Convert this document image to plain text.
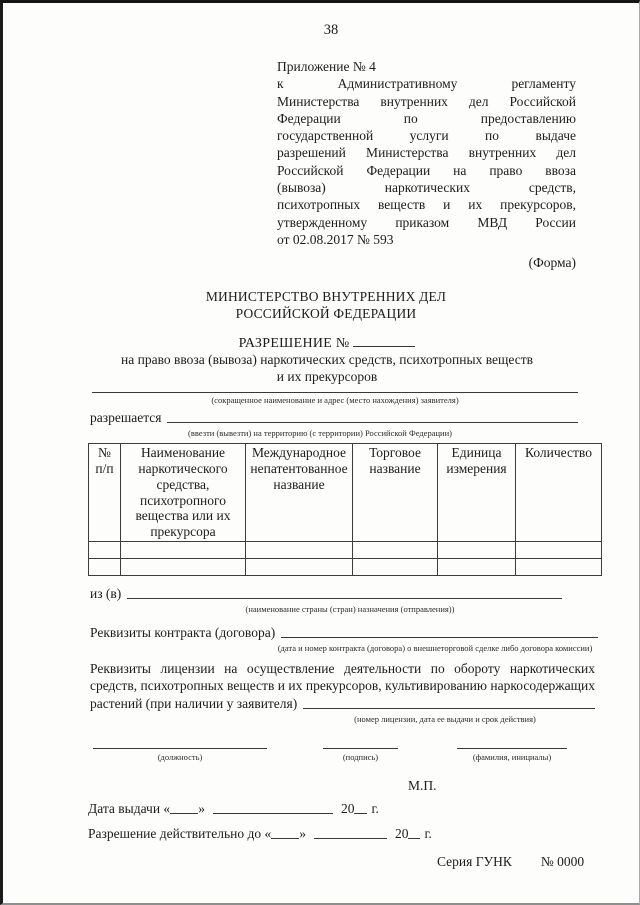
38
Приложение № 4
к Административному регламенту
Министерства внутренних дел Российской
Федерации по предоставлению
государственной услуги по выдаче
разрешений Министерства внутренних дел
Российской Федерации на право ввоза
(вывоза) наркотических средств,
психотропных веществ и их прекурсоров,
утвержденному приказом МВД России
от 02.08.2017 № 593
(Форма)
МИНИСТЕРСТВО ВНУТРЕННИХ ДЕЛ
РОССИЙСКОЙ ФЕДЕРАЦИИ
РАЗРЕШЕНИЕ №
на право ввоза (вывоза) наркотических средств, психотропных веществ
и их прекурсоров
(сокращенное наименование и адрес (место нахождения) заявителя)
разрешается
(ввезти (вывезти) на территорию (с территории) Российской Федерации)
№ п/п	Наименование наркотического средства, психотропного вещества или их прекурсора	Международное непатентованное название	Торговое название	Единица измерения	Количество

из (в)
(наименование страны (стран) назначения (отправления))
Реквизиты контракта (договора)
(дата и номер контракта (договора) о внешнеторговой сделке либо договора комиссии)
Реквизиты лицензии на осуществление деятельности по обороту наркотических
средств, психотропных веществ и их прекурсоров, культивированию наркосодержащих
растений (при наличии у заявителя)
(номер лицензии, дата ее выдачи и срок действия)
(должность)	(подпись)	(фамилия, инициалы)
М.П.
Дата выдачи « »	20 г.
Разрешение действительно до « »	20 г.
Серия ГУНК № 0000
